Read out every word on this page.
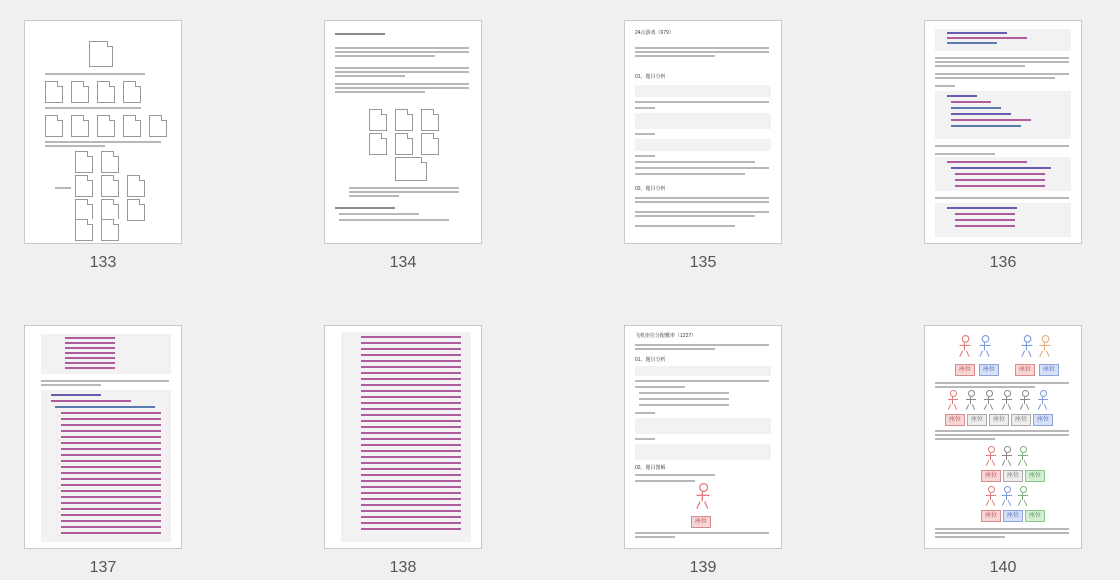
133	134
24点游戏（679）
01、题目分析
02、题目分析
135	136
137	138
飞机座位分配概率（1227）
01、题目分析
02、题目图解
座位
139
座位	座位	座位	座位
座位	座位	座位	座位	座位
座位	座位	座位
座位	座位	座位
140
